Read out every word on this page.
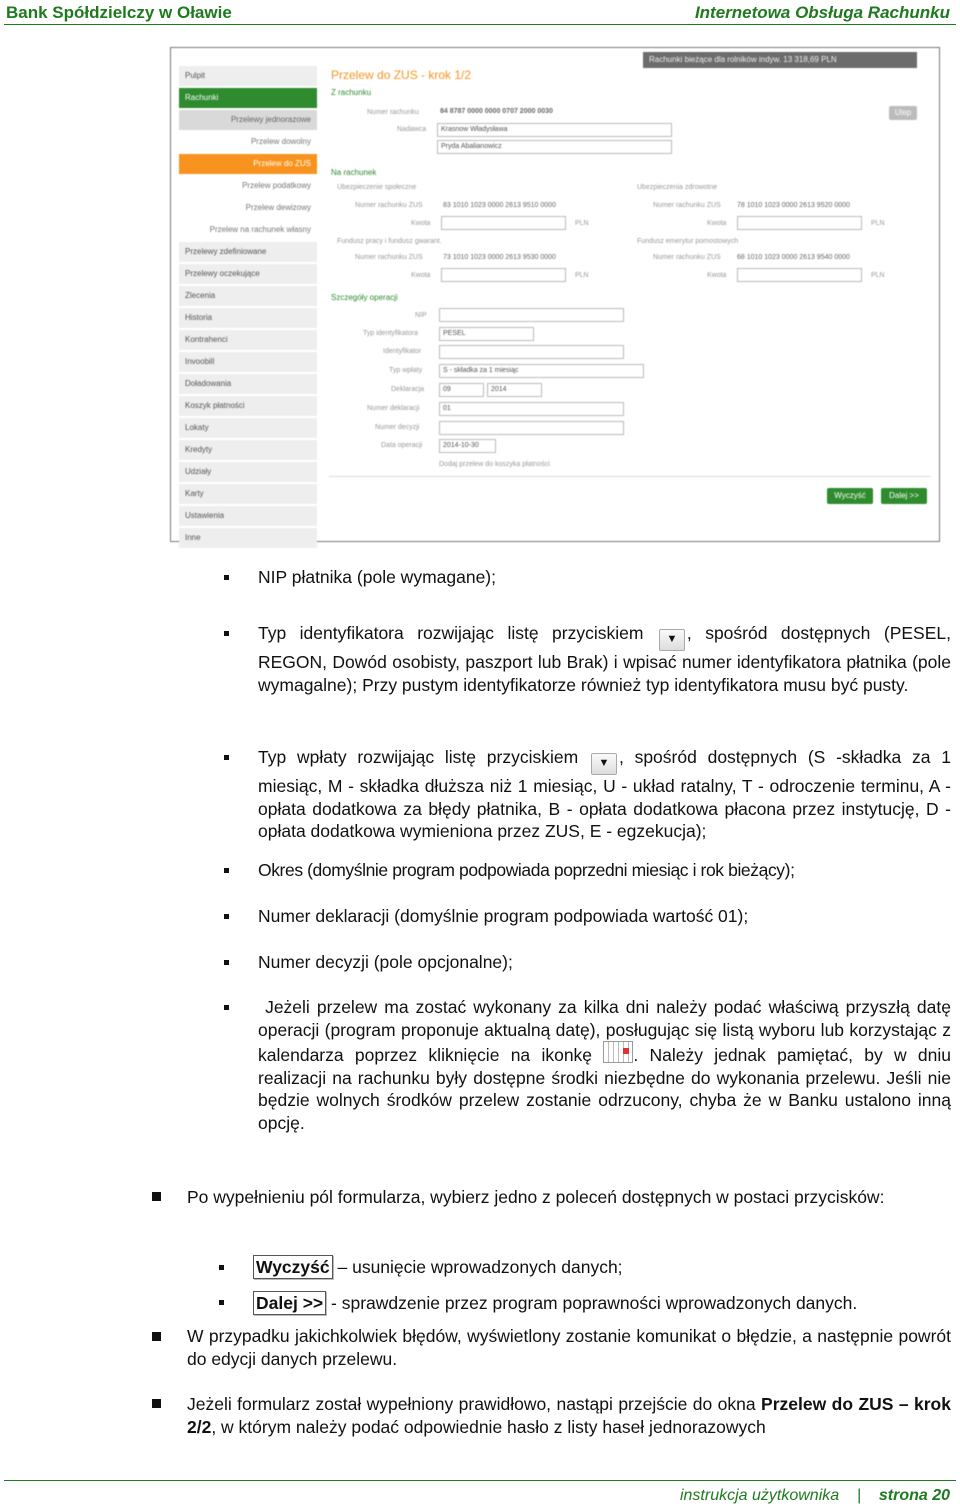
Bank Spółdzielczy w Oławie	Internetowa Obsługa Rachunku
Pulpit
Rachunki
Przelewy jednorazowe
Przelew dowolny
Przelew do ZUS
Przelew podatkowy
Przelew dewizowy
Przelew na rachunek własny
Przelewy zdefiniowane
Przelewy oczekujące
Zlecenia
Historia
Kontrahenci
Invoobill
Doładowania
Koszyk płatności
Lokaty
Kredyty
Udziały
Karty
Ustawienia
Inne
Rachunki bieżące dla rolników indyw. 13 318,69 PLN
Przelew do ZUS - krok 1/2
Z rachunku
Numer rachunku	84 8787 0000 0000 0707 2000 0030
Nadawca	Krasnow Władysława
Pryda Abalianowicz
Ulep
Na rachunek
Ubezpieczenie społeczne	Ubezpieczenia zdrowotne
Numer rachunku ZUS	83 1010 1023 0000 2613 9510 0000	Numer rachunku ZUS 78 1010 1023 0000 2613 9520 0000
Kwota	PLN	Kwota	PLN
Fundusz pracy i fundusz gwarant.	Fundusz emerytur pomostowych
Numer rachunku ZUS	73 1010 1023 0000 2613 9530 0000	Numer rachunku ZUS 68 1010 1023 0000 2613 9540 0000
Kwota	PLN	Kwota	PLN
Szczegóły operacji
NIP
Typ identyfikatora	PESEL
Identyfikator
Typ wpłaty	S - składka za 1 miesiąc
Deklaracja	09	2014
Numer deklaracji	01
Numer decyzji
Data operacji	2014-10-30
Dodaj przelew do koszyka płatności
Wyczyść	Dalej >>
NIP płatnika (pole wymagane);
Typ identyfikatora rozwijając listę przyciskiem ▼ , spośród dostępnych (PESEL, REGON, Dowód osobisty, paszport lub Brak) i wpisać numer identyfikatora płatnika (pole wymagalne); Przy pustym identyfikatorze również typ identyfikatora musu być pusty.
Typ wpłaty rozwijając listę przyciskiem ▼ , spośród dostępnych (S -składka za 1 miesiąc, M - składka dłuższa niż 1 miesiąc, U - układ ratalny, T - odroczenie terminu, A - opłata dodatkowa za błędy płatnika, B - opłata dodatkowa płacona przez instytucję, D - opłata dodatkowa wymieniona przez ZUS, E - egzekucja);
Okres (domyślnie program podpowiada poprzedni miesiąc i rok bieżący);
Numer deklaracji (domyślnie program podpowiada wartość 01);
Numer decyzji (pole opcjonalne);
Jeżeli przelew ma zostać wykonany za kilka dni należy podać właściwą przyszłą datę operacji (program proponuje aktualną datę), posługując się listą wyboru lub korzystając z kalendarza poprzez kliknięcie na ikonkę . Należy jednak pamiętać, by w dniu realizacji na rachunku były dostępne środki niezbędne do wykonania przelewu. Jeśli nie będzie wolnych środków przelew zostanie odrzucony, chyba że w Banku ustalono inną opcję.
Po wypełnieniu pól formularza, wybierz jedno z poleceń dostępnych w postaci przycisków:
Wyczyść – usunięcie wprowadzonych danych;
Dalej >> - sprawdzenie przez program poprawności wprowadzonych danych.
W przypadku jakichkolwiek błędów, wyświetlony zostanie komunikat o błędzie, a następnie powrót do edycji danych przelewu.
Jeżeli formularz został wypełniony prawidłowo, nastąpi przejście do okna Przelew do ZUS – krok 2/2, w którym należy podać odpowiednie hasło z listy haseł jednorazowych
instrukcja użytkownika | strona 20
